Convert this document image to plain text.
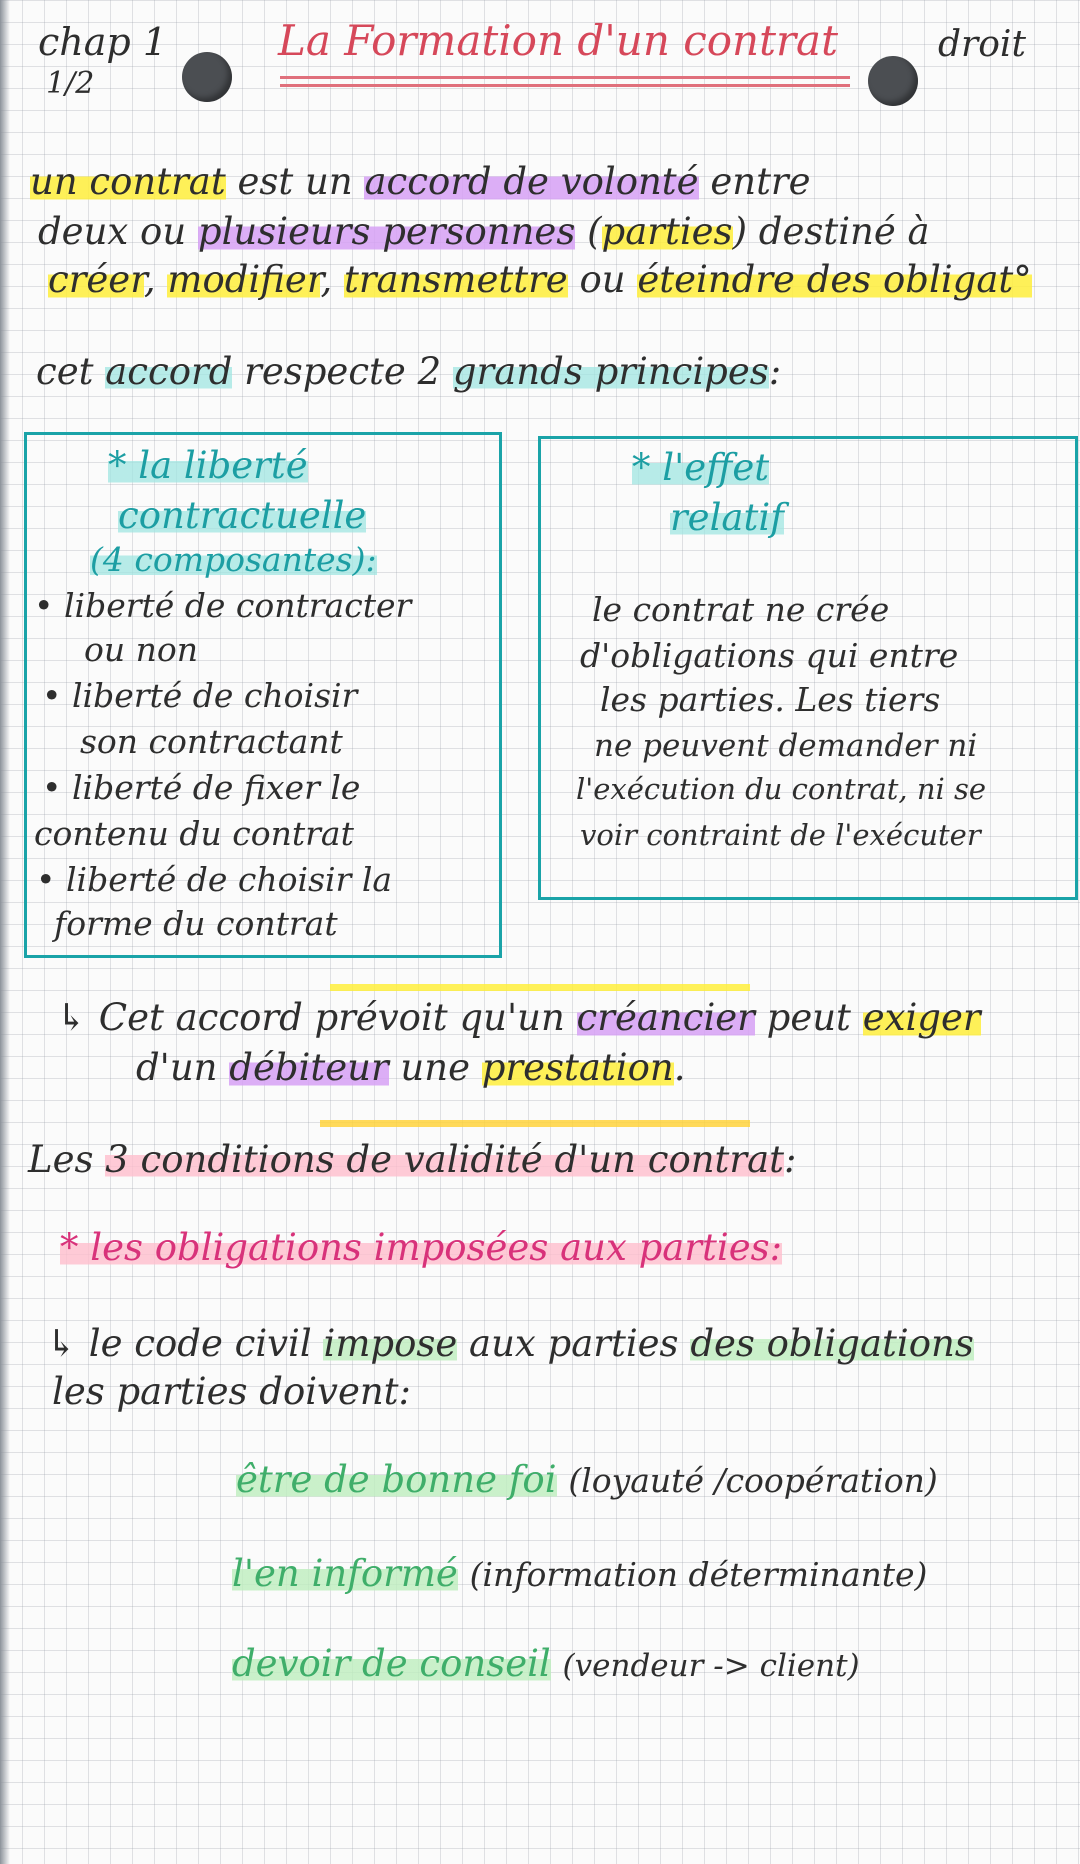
chap 1
1/2
La Formation d'un contrat	droit
un contrat est un accord de volonté entre
deux ou plusieurs personnes (parties) destiné à
créer, modifier, transmettre ou éteindre des obligat°
cet accord respecte 2 grands principes:
* la liberté
contractuelle
(4 composantes):
• liberté de contracter
ou non
• liberté de choisir
son contractant
• liberté de fixer le
contenu du contrat
• liberté de choisir la
forme du contrat
* l'effet
relatif
le contrat ne crée
d'obligations qui entre
les parties. Les tiers
ne peuvent demander ni
l'exécution du contrat, ni se
voir contraint de l'exécuter
↳ Cet accord prévoit qu'un créancier peut exiger
d'un débiteur une prestation.
Les 3 conditions de validité d'un contrat:
* les obligations imposées aux parties:
↳ le code civil impose aux parties des obligations
les parties doivent:
être de bonne foi (loyauté /coopération)
l'en informé (information déterminante)
devoir de conseil (vendeur -> client)
